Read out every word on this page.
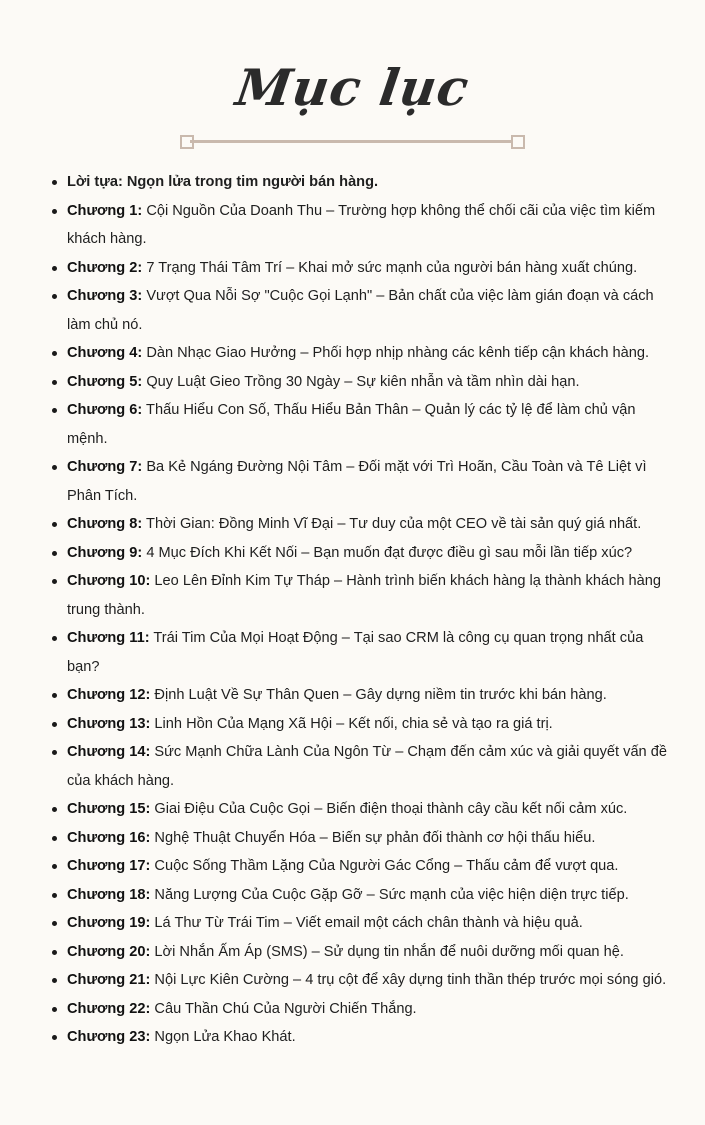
Mục lục
Lời tựa: Ngọn lửa trong tim người bán hàng.
Chương 1: Cội Nguồn Của Doanh Thu – Trường hợp không thể chối cãi của việc tìm kiếm khách hàng.
Chương 2: 7 Trạng Thái Tâm Trí – Khai mở sức mạnh của người bán hàng xuất chúng.
Chương 3: Vượt Qua Nỗi Sợ "Cuộc Gọi Lạnh" – Bản chất của việc làm gián đoạn và cách làm chủ nó.
Chương 4: Dàn Nhạc Giao Hưởng – Phối hợp nhịp nhàng các kênh tiếp cận khách hàng.
Chương 5: Quy Luật Gieo Trồng 30 Ngày – Sự kiên nhẫn và tầm nhìn dài hạn.
Chương 6: Thấu Hiểu Con Số, Thấu Hiểu Bản Thân – Quản lý các tỷ lệ để làm chủ vận mệnh.
Chương 7: Ba Kẻ Ngáng Đường Nội Tâm – Đối mặt với Trì Hoãn, Cầu Toàn và Tê Liệt vì Phân Tích.
Chương 8: Thời Gian: Đồng Minh Vĩ Đại – Tư duy của một CEO về tài sản quý giá nhất.
Chương 9: 4 Mục Đích Khi Kết Nối – Bạn muốn đạt được điều gì sau mỗi lần tiếp xúc?
Chương 10: Leo Lên Đỉnh Kim Tự Tháp – Hành trình biến khách hàng lạ thành khách hàng trung thành.
Chương 11: Trái Tim Của Mọi Hoạt Động – Tại sao CRM là công cụ quan trọng nhất của bạn?
Chương 12: Định Luật Về Sự Thân Quen – Gây dựng niềm tin trước khi bán hàng.
Chương 13: Linh Hồn Của Mạng Xã Hội – Kết nối, chia sẻ và tạo ra giá trị.
Chương 14: Sức Mạnh Chữa Lành Của Ngôn Từ – Chạm đến cảm xúc và giải quyết vấn đề của khách hàng.
Chương 15: Giai Điệu Của Cuộc Gọi – Biến điện thoại thành cây cầu kết nối cảm xúc.
Chương 16: Nghệ Thuật Chuyển Hóa – Biến sự phản đối thành cơ hội thấu hiểu.
Chương 17: Cuộc Sống Thầm Lặng Của Người Gác Cổng – Thấu cảm để vượt qua.
Chương 18: Năng Lượng Của Cuộc Gặp Gỡ – Sức mạnh của việc hiện diện trực tiếp.
Chương 19: Lá Thư Từ Trái Tim – Viết email một cách chân thành và hiệu quả.
Chương 20: Lời Nhắn Ấm Áp (SMS) – Sử dụng tin nhắn để nuôi dưỡng mối quan hệ.
Chương 21: Nội Lực Kiên Cường – 4 trụ cột để xây dựng tinh thần thép trước mọi sóng gió.
Chương 22: Câu Thần Chú Của Người Chiến Thắng.
Chương 23: Ngọn Lửa Khao Khát.
